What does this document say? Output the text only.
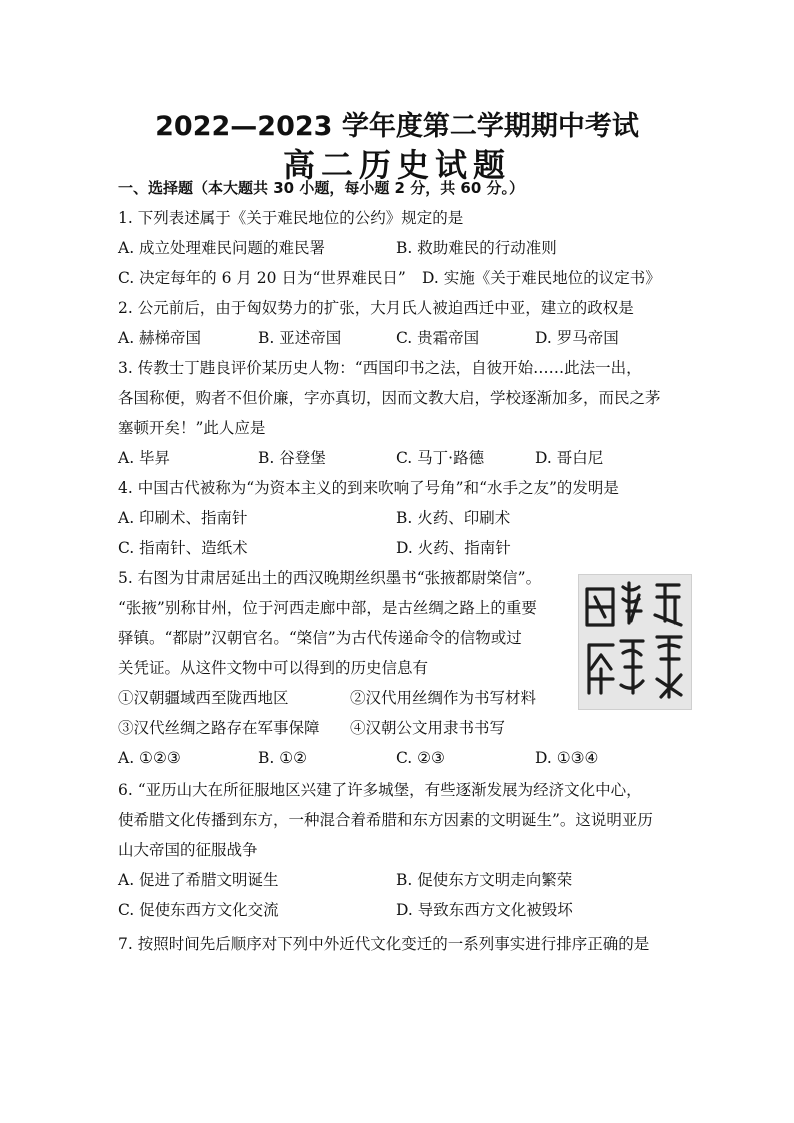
2022—2023 学年度第二学期期中考试
高二历史试题
一、选择题（本大题共 30 小题，每小题 2 分，共 60 分。）
1. 下列表述属于《关于难民地位的公约》规定的是
A. 成立处理难民问题的难民署	B. 救助难民的行动准则
C. 决定每年的 6 月 20 日为“世界难民日” D. 实施《关于难民地位的议定书》
2. 公元前后，由于匈奴势力的扩张，大月氏人被迫西迁中亚，建立的政权是
A. 赫梯帝国	B. 亚述帝国	C. 贵霜帝国	D. 罗马帝国
3. 传教士丁韪良评价某历史人物：“西国印书之法，自彼开始……此法一出，
各国称便，购者不但价廉，字亦真切，因而文教大启，学校逐渐加多，而民之茅
塞顿开矣！”此人应是
A. 毕昇	B. 谷登堡	C. 马丁·路德	D. 哥白尼
4. 中国古代被称为“为资本主义的到来吹响了号角”和“水手之友”的发明是
A. 印刷术、指南针	B. 火药、印刷术
C. 指南针、造纸术	D. 火药、指南针
5. 右图为甘肃居延出土的西汉晚期丝织墨书“张掖都尉棨信”。
“张掖”别称甘州，位于河西走廊中部，是古丝绸之路上的重要
驿镇。“都尉”汉朝官名。“棨信”为古代传递命令的信物或过
关凭证。从这件文物中可以得到的历史信息有
①汉朝疆域西至陇西地区	②汉代用丝绸作为书写材料
③汉代丝绸之路存在军事保障 ④汉朝公文用隶书书写
A. ①②③	B. ①②	C. ②③	D. ①③④
6. “亚历山大在所征服地区兴建了许多城堡，有些逐渐发展为经济文化中心，
使希腊文化传播到东方，一种混合着希腊和东方因素的文明诞生”。这说明亚历
山大帝国的征服战争
A. 促进了希腊文明诞生	B. 促使东方文明走向繁荣
C. 促使东西方文化交流	D. 导致东西方文化被毁坏
7. 按照时间先后顺序对下列中外近代文化变迁的一系列事实进行排序正确的是
